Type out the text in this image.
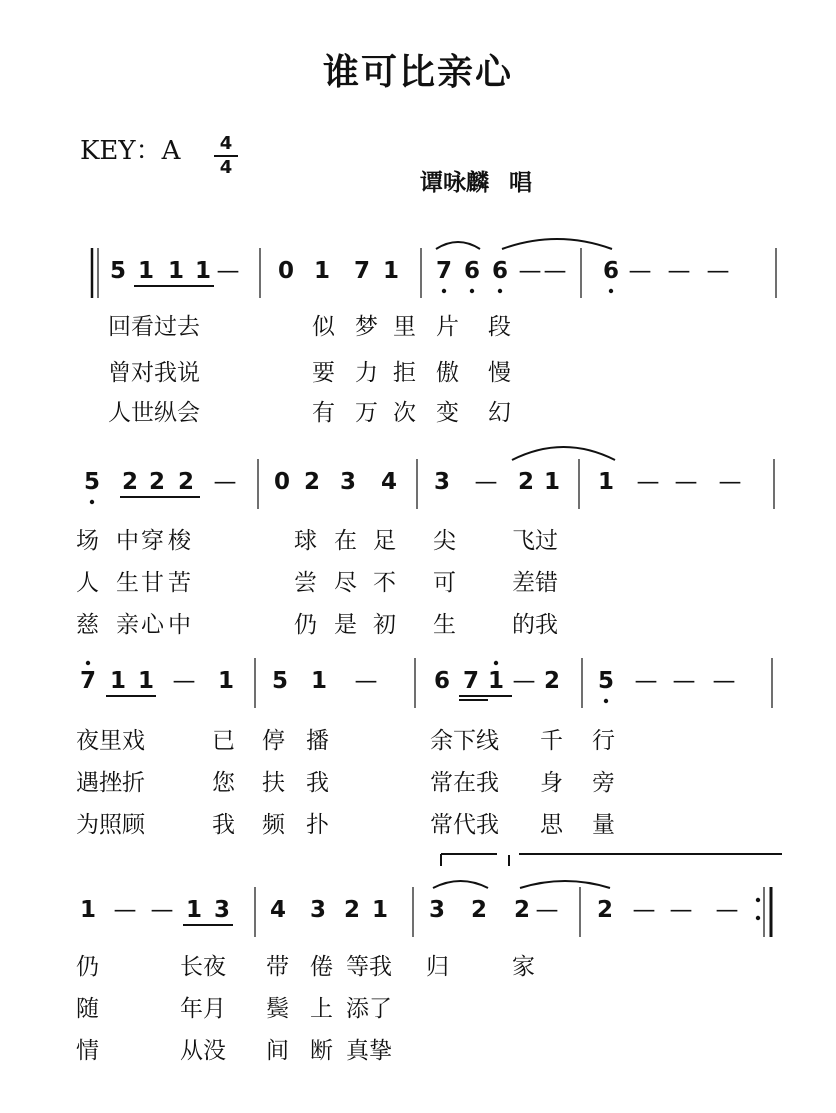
谁可比亲心
KEY：A	4
4
谭咏麟 唱
5 1 1 1 — 0 1 7 1 7 6 6 — — 6 — — —
回看过去	似 梦 里 片 段
曾对我说	要 力 拒 傲 慢
人世纵会	有 万 次 变 幻
5 2 2 2 — 0 2 3 4 3 — 2 1 1 — — —
场 中 穿 梭	球 在 足 尖 飞过
人 生 甘 苦	尝 尽 不 可 差错
慈 亲 心 中	仍 是 初 生 的我
7 1 1 — 1 5 1 — 6 7 1 — 2 5 — — —
夜里戏	已 停 播	余下线 千 行
遇挫折	您 扶 我	常在我 身 旁
为照顾	我 频 扑	常代我 思 量
1 — — 1 3 4 3 2 1 3 2 2 — 2 — — —
仍	长夜 带 倦 等我 归	家
随	年月 鬓 上 添了
情	从没 间 断 真挚
